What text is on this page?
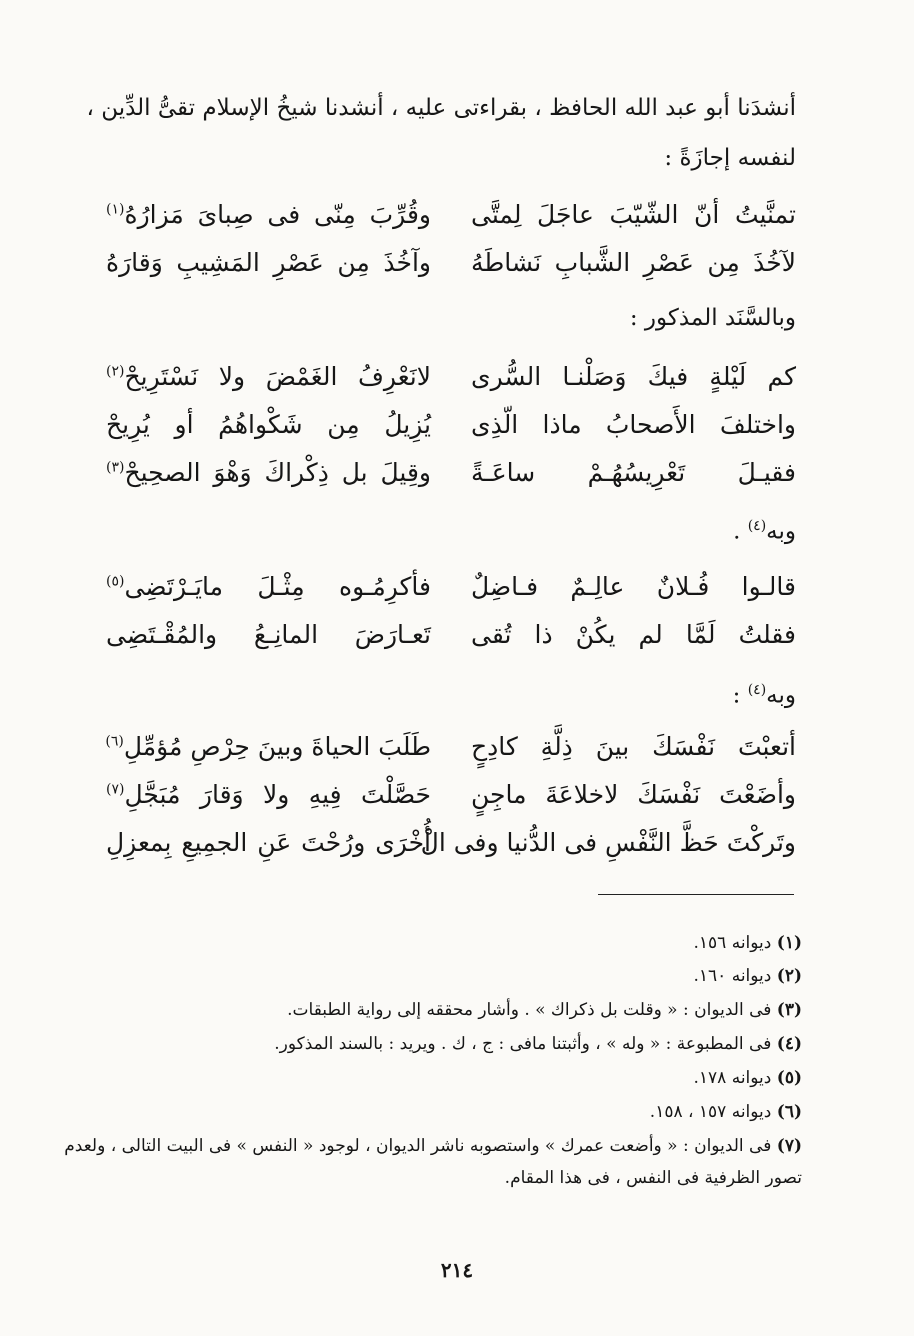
أنشدَنا أبو عبد الله الحافظ ، بقراءتى عليه ، أنشدنا شيخُ الإسلام تقىُّ الدِّين ،
لنفسه إجازَةً :
تمنَّيتُ أنّ الشّيّبَ عاجَلَ لِمتَّى
وقُرِّبَ مِنّى فى صِباىَ مَزارُهُ$^{(١)}$
لآخُذَ مِن عَصْرِ الشَّبابِ نَشاطَهُ
وآخُذَ مِن عَصْرِ المَشِيبِ وَقارَهُ
وبالسَّنَد المذكور :
كم لَيْلةٍ فيكَ وَصَلْنـا السُّرى
لانَعْرِفُ الغَمْضَ ولا نَسْتَرِيحْ$^{(٢)}$
واختلفَ الأَصحابُ ماذا الّذِى
يُزِيلُ مِن شَكْواهُمُ أو يُرِيحْ
فقيـلَ تَعْرِيسُهُـمْ ساعَـةً
وقِيلَ بل ذِكْراكَ وَهْوَ الصحِيحْ$^{(٣)}$
وبه$^{(٤)}$ .
قالـوا فُـلانٌ عالِـمٌ فـاضِلٌ
فأكرِمُـوه مِثْـلَ مايَـرْتَضِى$^{(٥)}$
فقلتُ لَمَّا لم يكُنْ ذا تُقى
تَعـارَضَ المانِـعُ والمُقْـتَضِى
وبه$^{(٤)}$ :
أتعبْتَ نَفْسَكَ بينَ ذِلَّةِ كادِحٍ
طَلَبَ الحياةَ وبينَ حِرْصِ مُؤمِّلِ$^{(٦)}$
وأضَعْتَ نَفْسَكَ لاخلاعَةَ ماجِنٍ
حَصَّلْتَ فِيهِ ولا وَقارَ مُبَجَّلِ$^{(٧)}$
وتَركْتَ حَظَّ النَّفْسِ فى الدُّنيا وفى الْ
أُخْرَى ورُحْتَ عَنِ الجمِيعِ بِمعزِلِ
(١) ديوانه ١٥٦.
(٢) ديوانه ١٦٠.
(٣) فى الديوان : « وقلت بل ذكراك » . وأشار محققه إلى رواية الطبقات.
(٤) فى المطبوعة : « وله » ، وأثبتنا مافى : ج ، ك . ويريد : بالسند المذكور.
(٥) ديوانه ١٧٨.
(٦) ديوانه ١٥٧ ، ١٥٨.
(٧) فى الديوان : « وأضعت عمرك » واستصوبه ناشر الديوان ، لوجود « النفس » فى البيت التالى ، ولعدم
تصور الظرفية فى النفس ، فى هذا المقام.
٢١٤
